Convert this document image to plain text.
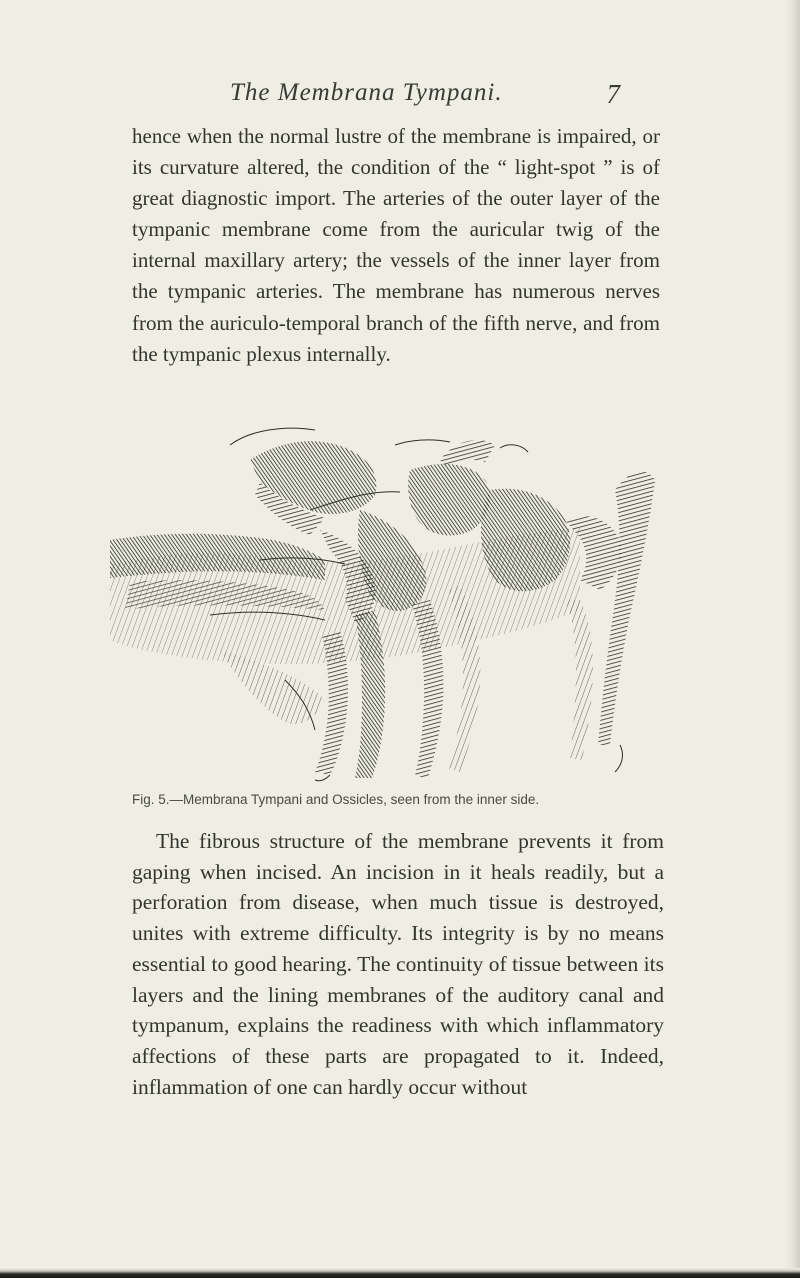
The Membrana Tympani.	7

hence when the normal lustre of the membrane is impaired, or its curvature altered, the condition of the “ light-spot ” is of great diagnostic import. The arteries of the outer layer of the tympanic membrane come from the auricular twig of the internal maxillary artery; the vessels of the inner layer from the tympanic arteries. The membrane has numerous nerves from the auriculo-temporal branch of the fifth nerve, and from the tympanic plexus internally.

Fig. 5.—Membrana Tympani and Ossicles, seen from the inner side.

The fibrous structure of the membrane prevents it from gaping when incised. An incision in it heals readily, but a perforation from disease, when much tissue is destroyed, unites with extreme difficulty. Its integrity is by no means essential to good hearing. The continuity of tissue between its layers and the lining membranes of the auditory canal and tympanum, explains the readiness with which inflammatory affections of these parts are propagated to it. Indeed, inflammation of one can hardly occur without
